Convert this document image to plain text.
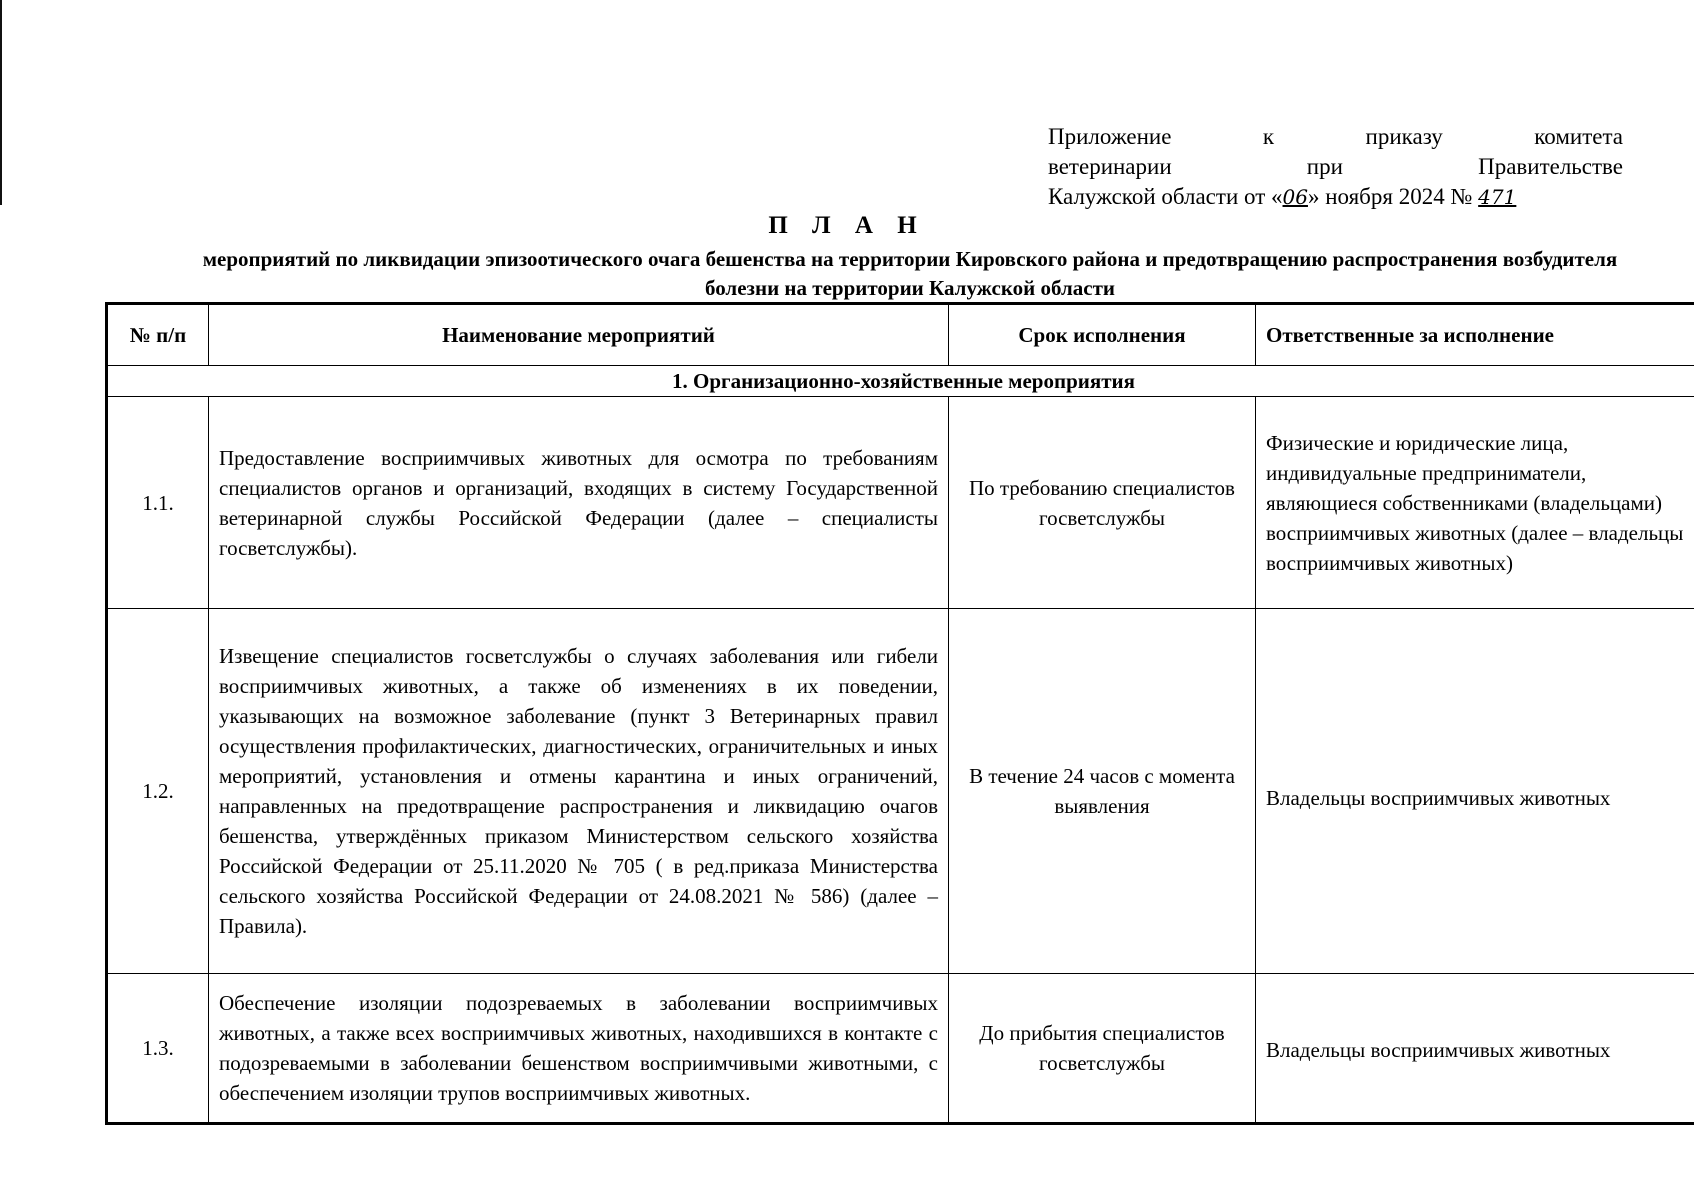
Приложение к приказу комитета
ветеринарии при Правительстве
Калужской области от «06» ноября 2024 № 471
П Л А Н
мероприятий по ликвидации эпизоотического очага бешенства на территории Кировского района и предотвращению распространения возбудителя болезни на территории Калужской области
№ п/п	Наименование мероприятий	Срок исполнения	Ответственные за исполнение
1. Организационно-хозяйственные мероприятия			
1.1.	Предоставление восприимчивых животных для осмотра по требованиям специалистов органов и организаций, входящих в систему Государственной ветеринарной службы Российской Федерации (далее – специалисты госветслужбы).	По требованию специалистов госветслужбы	Физические и юридические лица, индивидуальные предприниматели, являющиеся собственниками (владельцами) восприимчивых животных (далее – владельцы восприимчивых животных)
1.2.	Извещение специалистов госветслужбы о случаях заболевания или гибели восприимчивых животных, а также об изменениях в их поведении, указывающих на возможное заболевание (пункт 3 Ветеринарных правил осуществления профилактических, диагностических, ограничительных и иных мероприятий, установления и отмены карантина и иных ограничений, направленных на предотвращение распространения и ликвидацию очагов бешенства, утверждённых приказом Министерством сельского хозяйства Российской Федерации от 25.11.2020 № 705 ( в ред.приказа Министерства сельского хозяйства Российской Федерации от 24.08.2021 № 586) (далее – Правила).	В течение 24 часов с момента выявления	Владельцы восприимчивых животных
1.3.	Обеспечение изоляции подозреваемых в заболевании восприимчивых животных, а также всех восприимчивых животных, находившихся в контакте с подозреваемыми в заболевании бешенством восприимчивыми животными, с обеспечением изоляции трупов восприимчивых животных.	До прибытия специалистов госветслужбы	Владельцы восприимчивых животных
